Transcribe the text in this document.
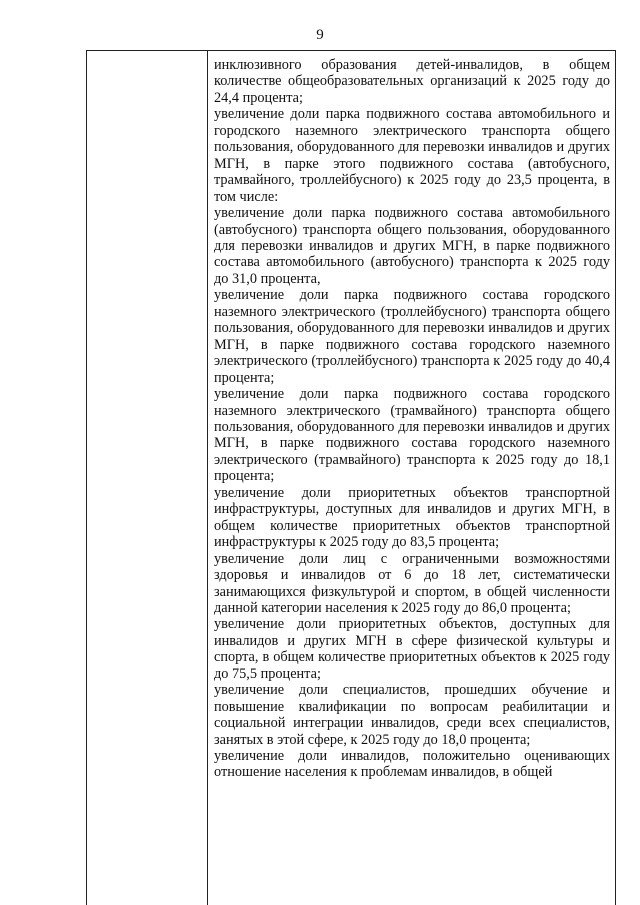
9

инклюзивного образования детей-инвалидов, в общем количестве общеобразовательных организаций к 2025 году до 24,4 процента;

увеличение доли парка подвижного состава автомобильного и городского наземного электрического транспорта общего пользования, оборудованного для перевозки инвалидов и других МГН, в парке этого подвижного состава (автобусного, трамвайного, троллейбусного) к 2025 году до 23,5 процента, в том числе:

увеличение доли парка подвижного состава автомобильного (автобусного) транспорта общего пользования, оборудованного для перевозки инвалидов и других МГН, в парке подвижного состава автомобильного (автобусного) транспорта к 2025 году до 31,0 процента,

увеличение доли парка подвижного состава городского наземного электрического (троллейбусного) транспорта общего пользования, оборудованного для перевозки инвалидов и других МГН, в парке подвижного состава городского наземного электрического (троллейбусного) транспорта к 2025 году до 40,4 процента;

увеличение доли парка подвижного состава городского наземного электрического (трамвайного) транспорта общего пользования, оборудованного для перевозки инвалидов и других МГН, в парке подвижного состава городского наземного электрического (трамвайного) транспорта к 2025 году до 18,1 процента;

увеличение доли приоритетных объектов транспортной инфраструктуры, доступных для инвалидов и других МГН, в общем количестве приоритетных объектов транспортной инфраструктуры к 2025 году до 83,5 процента;

увеличение доли лиц с ограниченными возможностями здоровья и инвалидов от 6 до 18 лет, систематически занимающихся физкультурой и спортом, в общей численности данной категории населения к 2025 году до 86,0 процента;

увеличение доли приоритетных объектов, доступных для инвалидов и других МГН в сфере физической культуры и спорта, в общем количестве приоритетных объектов к 2025 году до 75,5 процента;

увеличение доли специалистов, прошедших обучение и повышение квалификации по вопросам реабилитации и социальной интеграции инвалидов, среди всех специалистов, занятых в этой сфере, к 2025 году до 18,0 процента;

увеличение доли инвалидов, положительно оценивающих отношение населения к проблемам инвалидов, в общей
